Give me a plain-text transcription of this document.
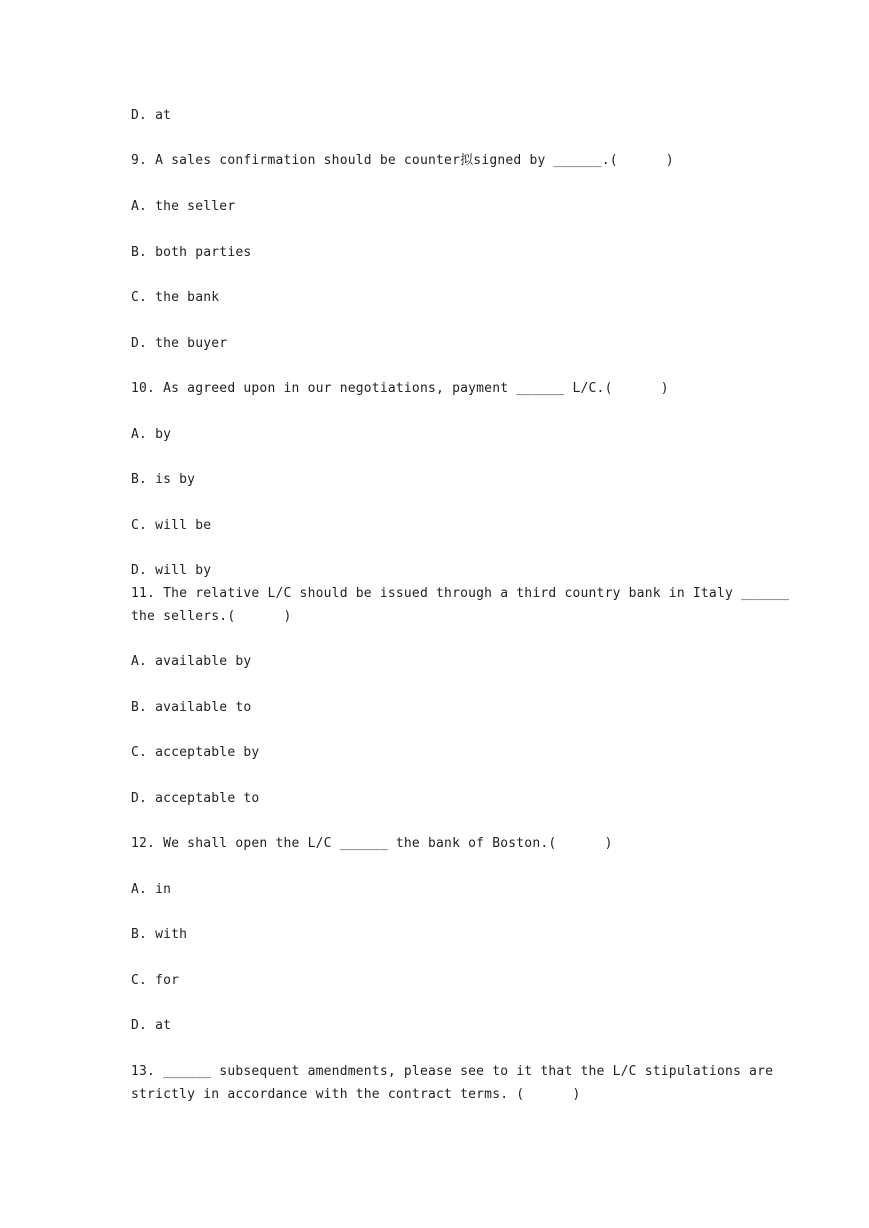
D. at
9. A sales confirmation should be counter拟signed by ______.(      )
A. the seller
B. both parties
C. the bank
D. the buyer
10. As agreed upon in our negotiations, payment ______ L/C.(      )
A. by
B. is by
C. will be
D. will by
11. The relative L/C should be issued through a third country bank in Italy ______
the sellers.(      )
A. available by
B. available to
C. acceptable by
D. acceptable to
12. We shall open the L/C ______ the bank of Boston.(      )
A. in
B. with
C. for
D. at
13. ______ subsequent amendments, please see to it that the L/C stipulations are
strictly in accordance with the contract terms. (      )
